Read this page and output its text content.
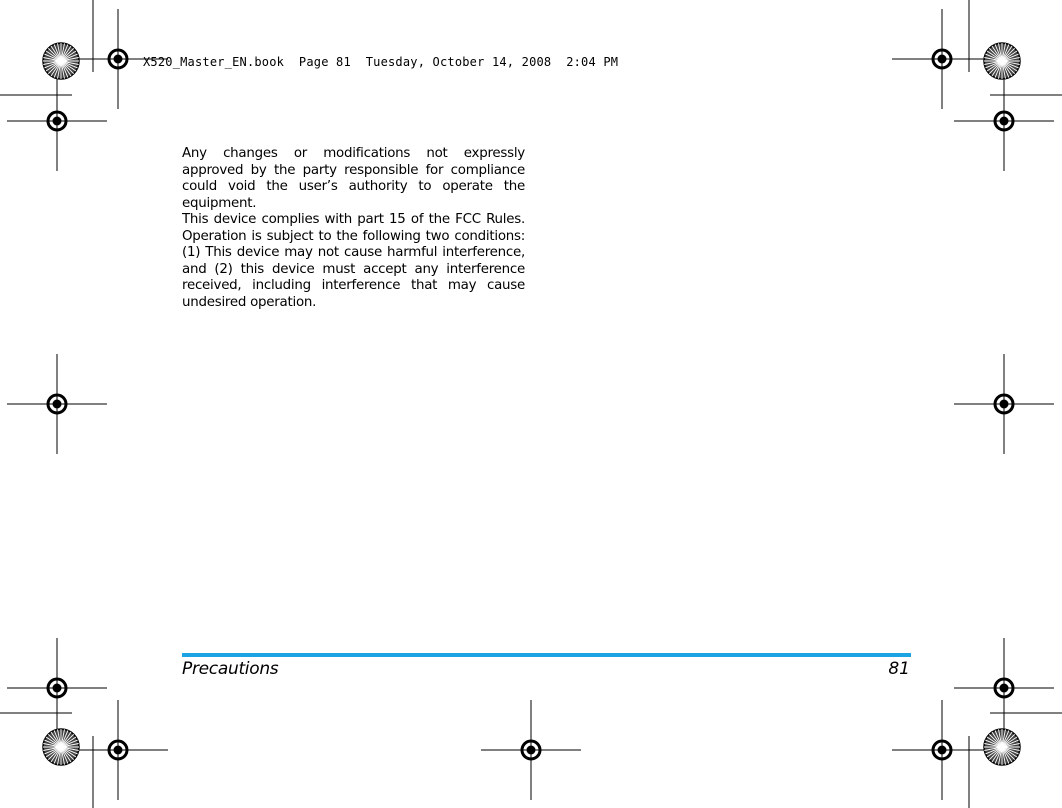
X520_Master_EN.book  Page 81  Tuesday, October 14, 2008  2:04 PM

Any changes or modifications not expressly approved by the party responsible for compliance could void the user’s authority to operate the equipment.

This device complies with part 15 of the FCC Rules. Operation is subject to the following two conditions: (1) This device may not cause harmful interference, and (2) this device must accept any interference received, including interference that may cause undesired operation.

Precautions	81
